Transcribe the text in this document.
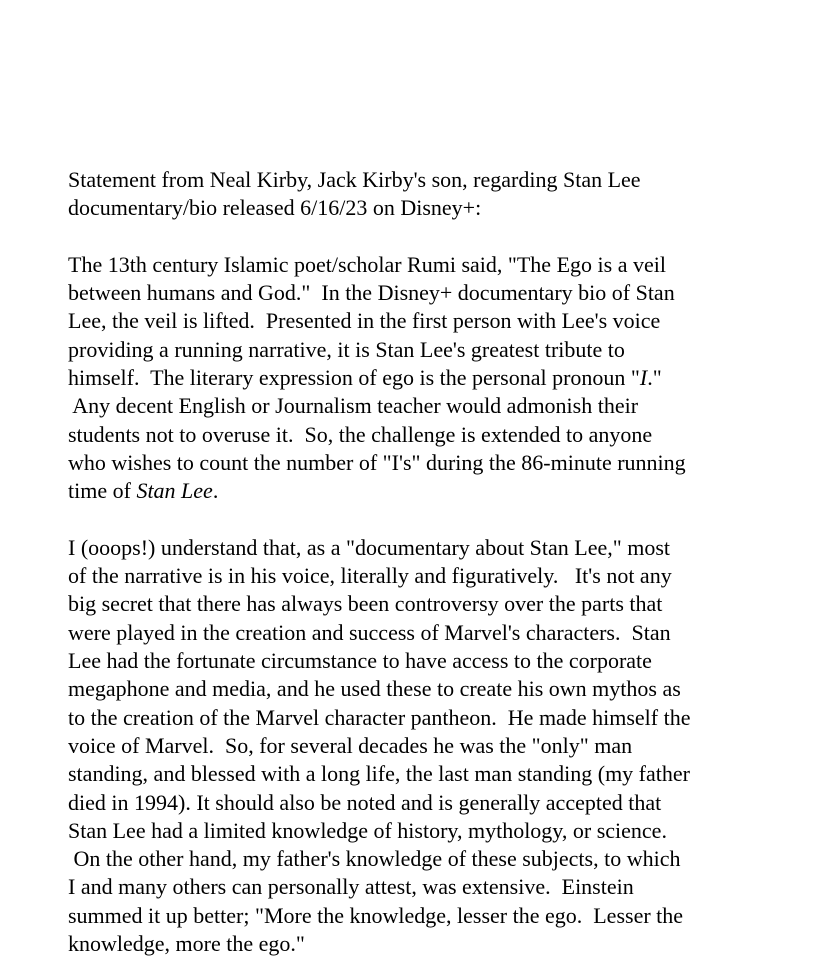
Statement from Neal Kirby, Jack Kirby's son, regarding Stan Lee
documentary/bio released 6/16/23 on Disney+:
The 13th century Islamic poet/scholar Rumi said, "The Ego is a veil
between humans and God."  In the Disney+ documentary bio of Stan
Lee, the veil is lifted.  Presented in the first person with Lee's voice
providing a running narrative, it is Stan Lee's greatest tribute to
himself.  The literary expression of ego is the personal pronoun "I."
Any decent English or Journalism teacher would admonish their
students not to overuse it.  So, the challenge is extended to anyone
who wishes to count the number of "I's" during the 86-minute running
time of Stan Lee.
I (ooops!) understand that, as a "documentary about Stan Lee," most
of the narrative is in his voice, literally and figuratively.   It's not any
big secret that there has always been controversy over the parts that
were played in the creation and success of Marvel's characters.  Stan
Lee had the fortunate circumstance to have access to the corporate
megaphone and media, and he used these to create his own mythos as
to the creation of the Marvel character pantheon.  He made himself the
voice of Marvel.  So, for several decades he was the "only" man
standing, and blessed with a long life, the last man standing (my father
died in 1994). It should also be noted and is generally accepted that
Stan Lee had a limited knowledge of history, mythology, or science.
On the other hand, my father's knowledge of these subjects, to which
I and many others can personally attest, was extensive.  Einstein
summed it up better; "More the knowledge, lesser the ego.  Lesser the
knowledge, more the ego."
